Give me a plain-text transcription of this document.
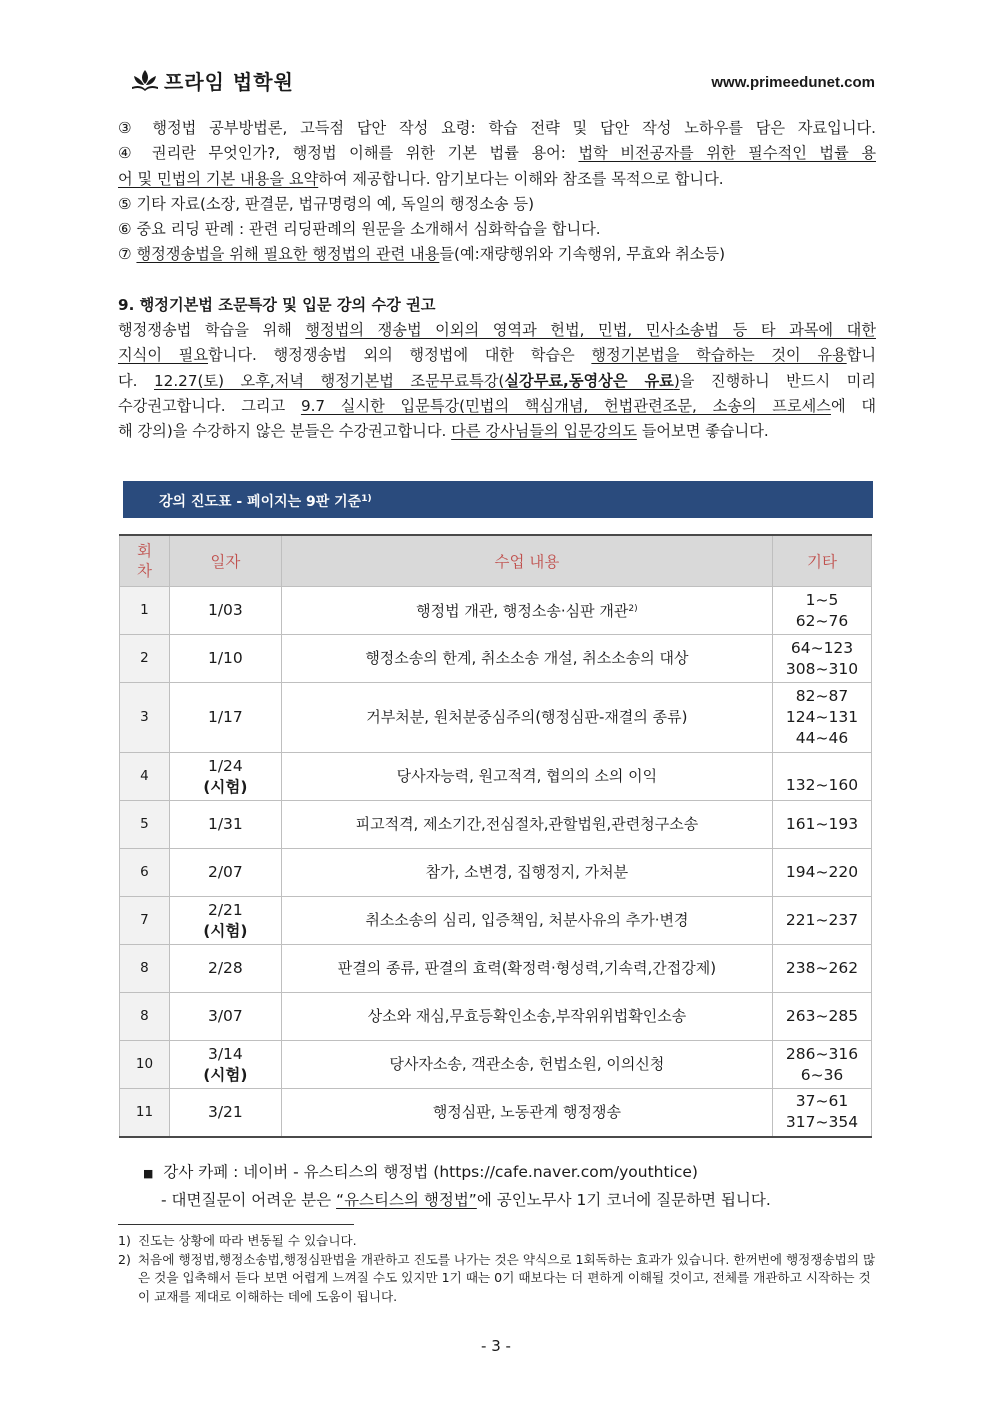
프라임 법학원	www.primeedunet.com

③ 행정법 공부방법론, 고득점 답안 작성 요령: 학습 전략 및 답안 작성 노하우를 담은 자료입니다.

④ 권리란 무엇인가?, 행정법 이해를 위한 기본 법률 용어: 법학 비전공자를 위한 필수적인 법률 용

어 및 민법의 기본 내용을 요약하여 제공합니다. 암기보다는 이해와 참조를 목적으로 합니다.

⑤ 기타 자료(소장, 판결문, 법규명령의 예, 독일의 행정소송 등)

⑥ 중요 리딩 판례 : 관련 리딩판례의 원문을 소개해서 심화학습을 합니다.

⑦ 행정쟁송법을 위해 필요한 행정법의 관련 내용들(예:재량행위와 기속행위, 무효와 취소등)

9. 행정기본법 조문특강 및 입문 강의 수강 권고

행정쟁송법 학습을 위해 행정법의 쟁송법 이외의 영역과 헌법, 민법, 민사소송법 등 타 과목에 대한

지식이 필요합니다. 행정쟁송법 외의 행정법에 대한 학습은 행정기본법을 학습하는 것이 유용합니

다. 12.27(토) 오후,저녁 행정기본법 조문무료특강(실강무료,동영상은 유료)을 진행하니 반드시 미리

수강권고합니다. 그리고 9.7 실시한 입문특강(민법의 핵심개념, 헌법관련조문, 소송의 프로세스에 대

해 강의)을 수강하지 않은 분들은 수강권고합니다. 다른 강사님들의 입문강의도 들어보면 좋습니다.

강의 진도표 - 페이지는 9판 기준$^{1)}$
회
차	일자	수업 내용	기타
1	1/03	행정법 개관, 행정소송·심판 개관$^{2)}$	1~5
62~76

2	1/10	행정소송의 한계, 취소소송 개설, 취소소송의 대상	64~123
308~310

3	1/17	거부처분, 원처분중심주의(행정심판-재결의 종류)	82~87
124~131
44~46

4	1/24
(시험)	당사자능력, 원고적격, 협의의 소의 이익	132~160

5	1/31	피고적격, 제소기간,전심절차,관할법원,관련청구소송	161~193

6	2/07	참가, 소변경, 집행정지, 가처분	194~220

7	2/21
(시험)	취소소송의 심리, 입증책임, 처분사유의 추가·변경	221~237

8	2/28	판결의 종류, 판결의 효력(확정력·형성력,기속력,간접강제)	238~262

8	3/07	상소와 재심,무효등확인소송,부작위위법확인소송	263~285

10	3/14
(시험)	당사자소송, 객관소송, 헌법소원, 이의신청	286~316
6~36

11	3/21	행정심판, 노동관계 행정쟁송	37~61
317~354

■ 강사 카페 : 네이버 - 유스티스의 행정법 (https://cafe.naver.com/youthtice)

- 대면질문이 어려운 분은 “유스티스의 행정법”에 공인노무사 1기 코너에 질문하면 됩니다.

1) 진도는 상황에 따라 변동될 수 있습니다.
2) 처음에 행정법,행정소송법,행정심판법을 개관하고 진도를 나가는 것은 약식으로 1회독하는 효과가 있습니다. 한꺼번에 행정쟁송법의 많은 것을 입축해서 듣다 보면 어렵게 느껴질 수도 있지만 1기 때는 0기 때보다는 더 편하게 이해될 것이고, 전체를 개관하고 시작하는 것이 교재를 제대로 이해하는 데에 도움이 됩니다.
- 3 -
